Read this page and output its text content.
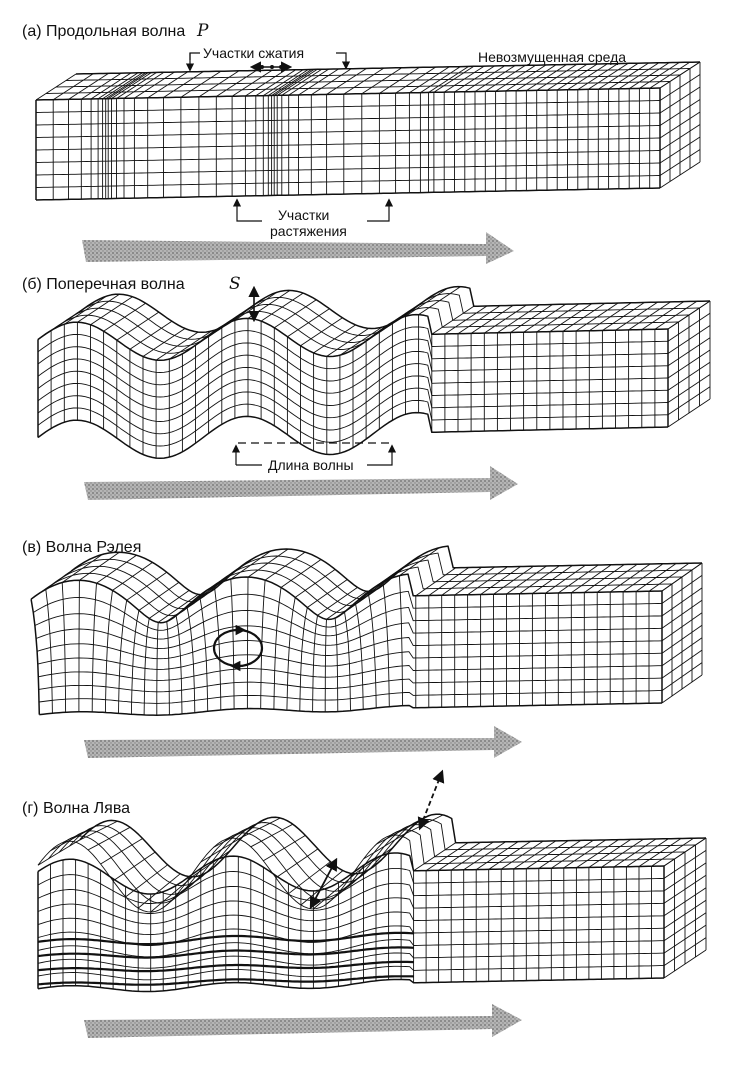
(а) Продольная волна P
Участки сжатия	Невозмущенная среда
Участки
растяжения
(б) Поперечная волна	S
Длина волны
(в) Волна Рэлея
(г) Волна Лява
